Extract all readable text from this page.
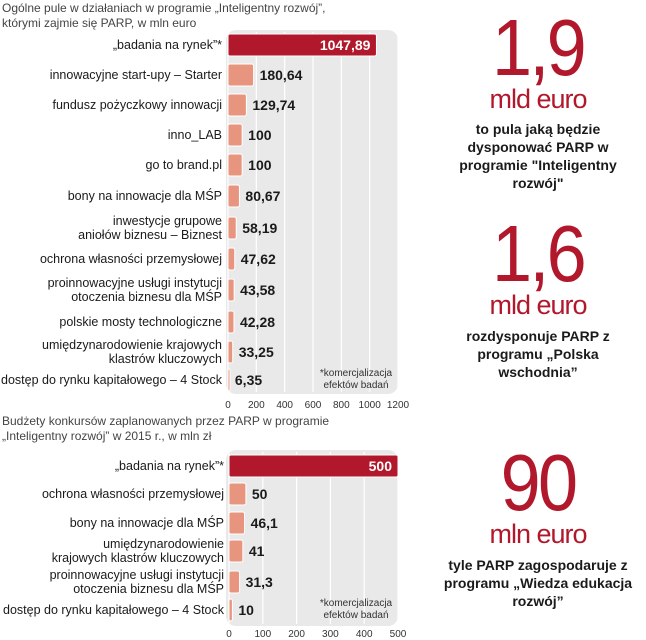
Ogólne pule w działaniach w programie „Inteligentny rozwój”, którymi zajmie się PARP, w mln euro
Budżety konkursów zaplanowanych przez PARP w programie „Inteligentny rozwój” w 2015 r., w mln zł
0 200 400 600 800 1000 1200
1047,89
„badania na rynek”*
180,64
innowacyjne start-upy – Starter
129,74
fundusz pożyczkowy innowacji
100
inno_LAB
100
go to brand.pl
80,67
bony na innowacje dla MŚP
58,19
inwestycje grupowe aniołów biznesu – Biznest
47,62
ochrona własności przemysłowej
43,58
proinnowacyjne usługi instytucji otoczenia biznesu dla MŚP
42,28
polskie mosty technologiczne
33,25
umiędzynarodowienie krajowych klastrów kluczowych
6,35
dostęp do rynku kapitałowego – 4 Stock	*komercjalizacja efektów badań
0 100 200 300 400 500
500
„badania na rynek”*
50
ochrona własności przemysłowej
46,1
bony na innowacje dla MŚP
41
umiędzynarodowienie krajowych klastrów kluczowych
31,3
proinnowacyjne usługi instytucji otoczenia biznesu dla MŚP
10
dostęp do rynku kapitałowego – 4 Stock	*komercjalizacja efektów badań
1,9
mld euro
to pula jaką będzie dysponować PARP w programie "Inteligentny rozwój"
1,6
mld euro
rozdysponuje PARP z programu „Polska wschodnia”
90
mln euro
tyle PARP zagospodaruje z programu „Wiedza edukacja rozwój”
